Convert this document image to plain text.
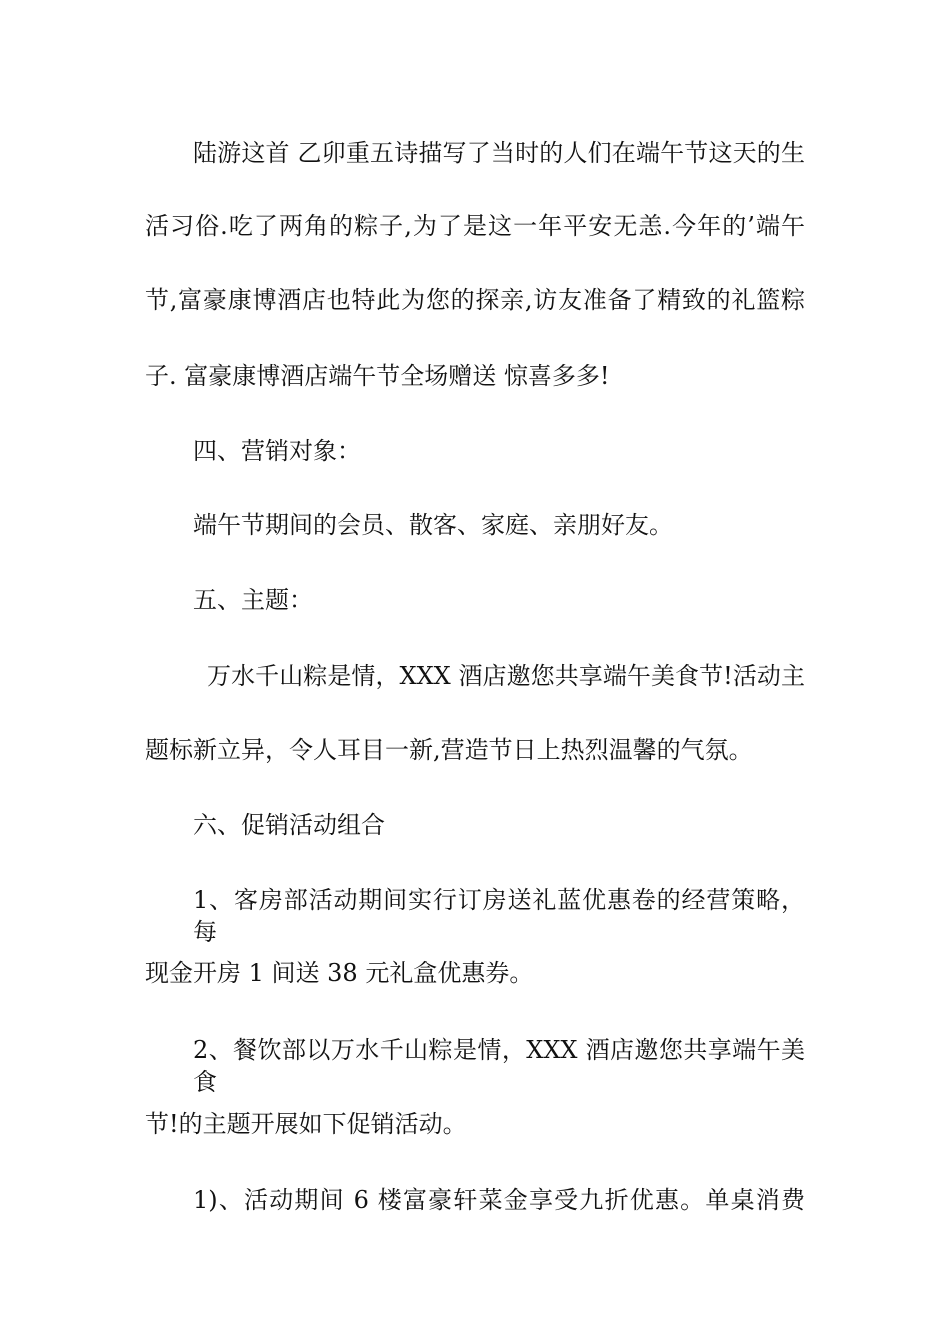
陆游这首 乙卯重五诗描写了当时的人们在端午节这天的生
活习俗.吃了两角的粽子,为了是这一年平安无恙.今年的’端午
节,富豪康博酒店也特此为您的探亲,访友准备了精致的礼篮粽
子. 富豪康博酒店端午节全场赠送 惊喜多多!
四、营销对象：
端午节期间的会员、散客、家庭、亲朋好友。
五、主题：
万水千山粽是情，XXX 酒店邀您共享端午美食节!活动主
题标新立异，令人耳目一新,营造节日上热烈温馨的气氛。
六、促销活动组合
1、客房部活动期间实行订房送礼蓝优惠卷的经营策略，每
现金开房 1 间送 38 元礼盒优惠券。
2、餐饮部以万水千山粽是情，XXX 酒店邀您共享端午美食
节!的主题开展如下促销活动。
1)、活动期间 6 楼富豪轩菜金享受九折优惠。单桌消费
